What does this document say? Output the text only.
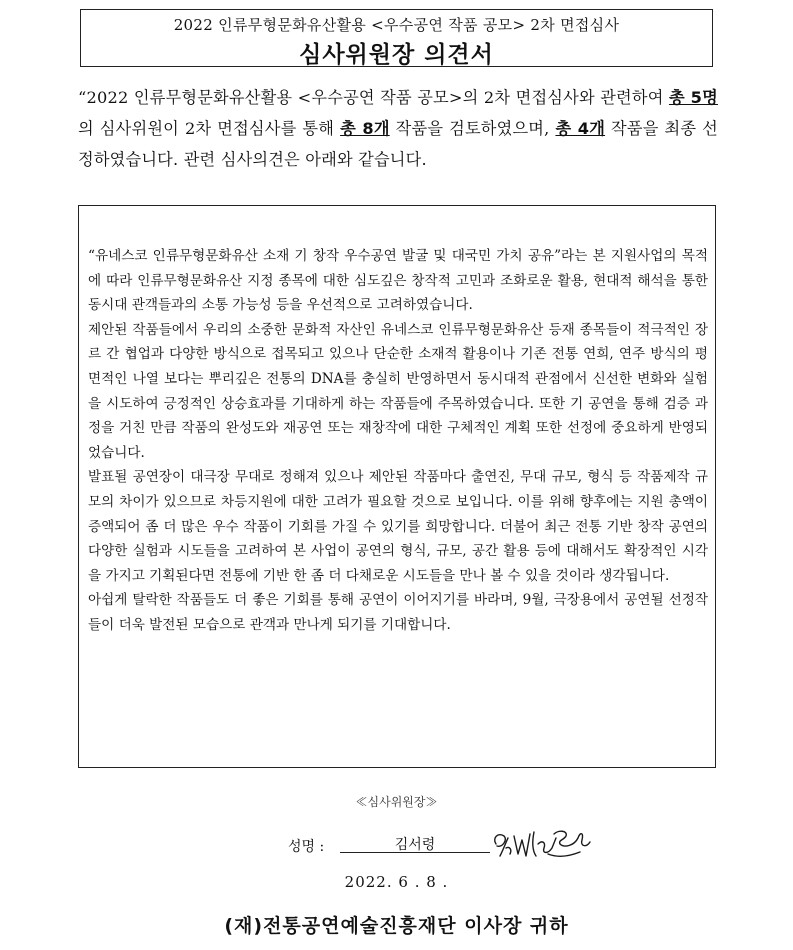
2022 인류무형문화유산활용 <우수공연 작품 공모> 2차 면접심사
심사위원장 의견서
“2022 인류무형문화유산활용 <우수공연 작품 공모>의 2차 면접심사와 관련하여 총 5명의 심사위원이 2차 면접심사를 통해 총 8개 작품을 검토하였으며, 총 4개 작품을 최종 선정하였습니다. 관련 심사의견은 아래와 같습니다.

“유네스코 인류무형문화유산 소재 기 창작 우수공연 발굴 및 대국민 가치 공유”라는 본 지원사업의 목적에 따라 인류무형문화유산 지정 종목에 대한 심도깊은 창작적 고민과 조화로운 활용, 현대적 해석을 통한 동시대 관객들과의 소통 가능성 등을 우선적으로 고려하였습니다.

제안된 작품들에서 우리의 소중한 문화적 자산인 유네스코 인류무형문화유산 등재 종목들이 적극적인 장르 간 협업과 다양한 방식으로 접목되고 있으나 단순한 소재적 활용이나 기존 전통 연희, 연주 방식의 평면적인 나열 보다는 뿌리깊은 전통의 DNA를 충실히 반영하면서 동시대적 관점에서 신선한 변화와 실험을 시도하여 긍정적인 상승효과를 기대하게 하는 작품들에 주목하였습니다. 또한 기 공연을 통해 검증 과정을 거친 만큼 작품의 완성도와 재공연 또는 재창작에 대한 구체적인 계획 또한 선정에 중요하게 반영되었습니다.

발표될 공연장이 대극장 무대로 정해져 있으나 제안된 작품마다 출연진, 무대 규모, 형식 등 작품제작 규모의 차이가 있으므로 차등지원에 대한 고려가 필요할 것으로 보입니다. 이를 위해 향후에는 지원 총액이 증액되어 좀 더 많은 우수 작품이 기회를 가질 수 있기를 희망합니다. 더불어 최근 전통 기반 창작 공연의 다양한 실험과 시도들을 고려하여 본 사업이 공연의 형식, 규모, 공간 활용 등에 대해서도 확장적인 시각을 가지고 기획된다면 전통에 기반 한 좀 더 다채로운 시도들을 만나 볼 수 있을 것이라 생각됩니다.

아쉽게 탈락한 작품들도 더 좋은 기회를 통해 공연이 이어지기를 바라며, 9월, 극장용에서 공연될 선정작들이 더욱 발전된 모습으로 관객과 만나게 되기를 기대합니다.

≪심사위원장≫
성명 :	김서령
2022. 6 . 8 .
(재)전통공연예술진흥재단 이사장 귀하
